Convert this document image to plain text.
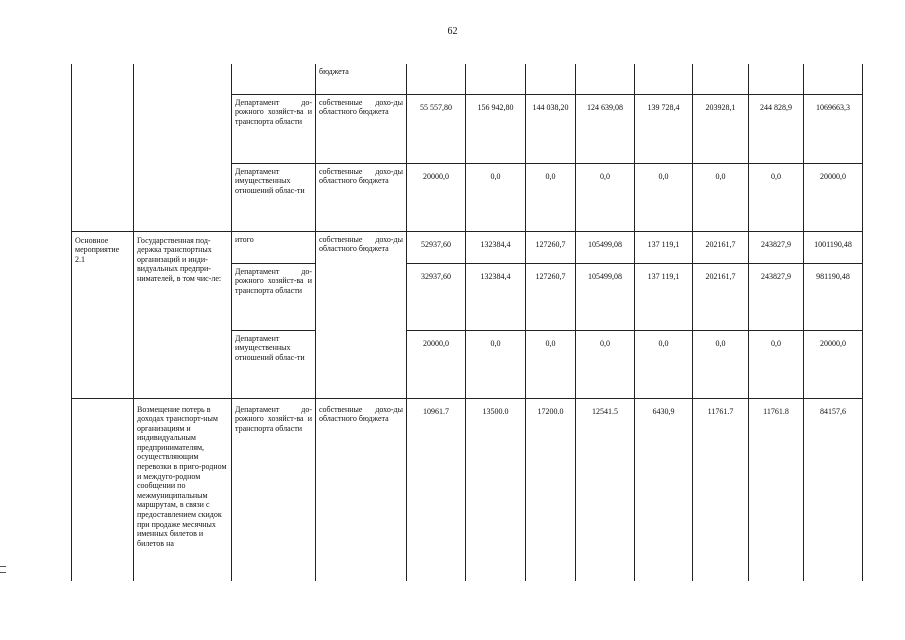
62
			бюджета								
		Департамент до-рожного хозяйст-ва и транспорта области	собственные дохо-ды областного бюджета	55 557,80	156 942,80	144 038,20	124 639,08	139 728,4	203928,1	244 828,9	1069663,3
		Департамент имущественных отношений облас-ти	собственные дохо-ды областного бюджета	20000,0	0,0	0,0	0,0	0,0	0,0	0,0	20000,0
Основное мероприятие 2.1	Государственная под-держка транспортных организаций и инди-видуальных предпри-нимателей, в том чис-ле:	итого	собственные дохо-ды областного бюджета	52937,60	132384,4	127260,7	105499,08	137 119,1	202161,7	243827,9	1001190,48
		Департамент до-рожного хозяйст-ва и транспорта области		32937,60	132384,4	127260,7	105499,08	137 119,1	202161,7	243827,9	981190,48
		Департамент имущественных отношений облас-ти		20000,0	0,0	0,0	0,0	0,0	0,0	0,0	20000,0
	Возмещение потерь в доходах транспорт-ным организациям и индивидуальным предпринимателям, осуществляющим перевозки в приго-родном и междуго-родном сообщении по межмуниципальным маршрутам, в связи с предоставлением скидок при продаже месячных именных билетов и билетов на	Департамент до-рожного хозяйст-ва и транспорта области	собственные дохо-ды областного бюджета	10961.7	13500.0	17200.0	12541.5	6430,9	11761.7	11761.8	84157,6
